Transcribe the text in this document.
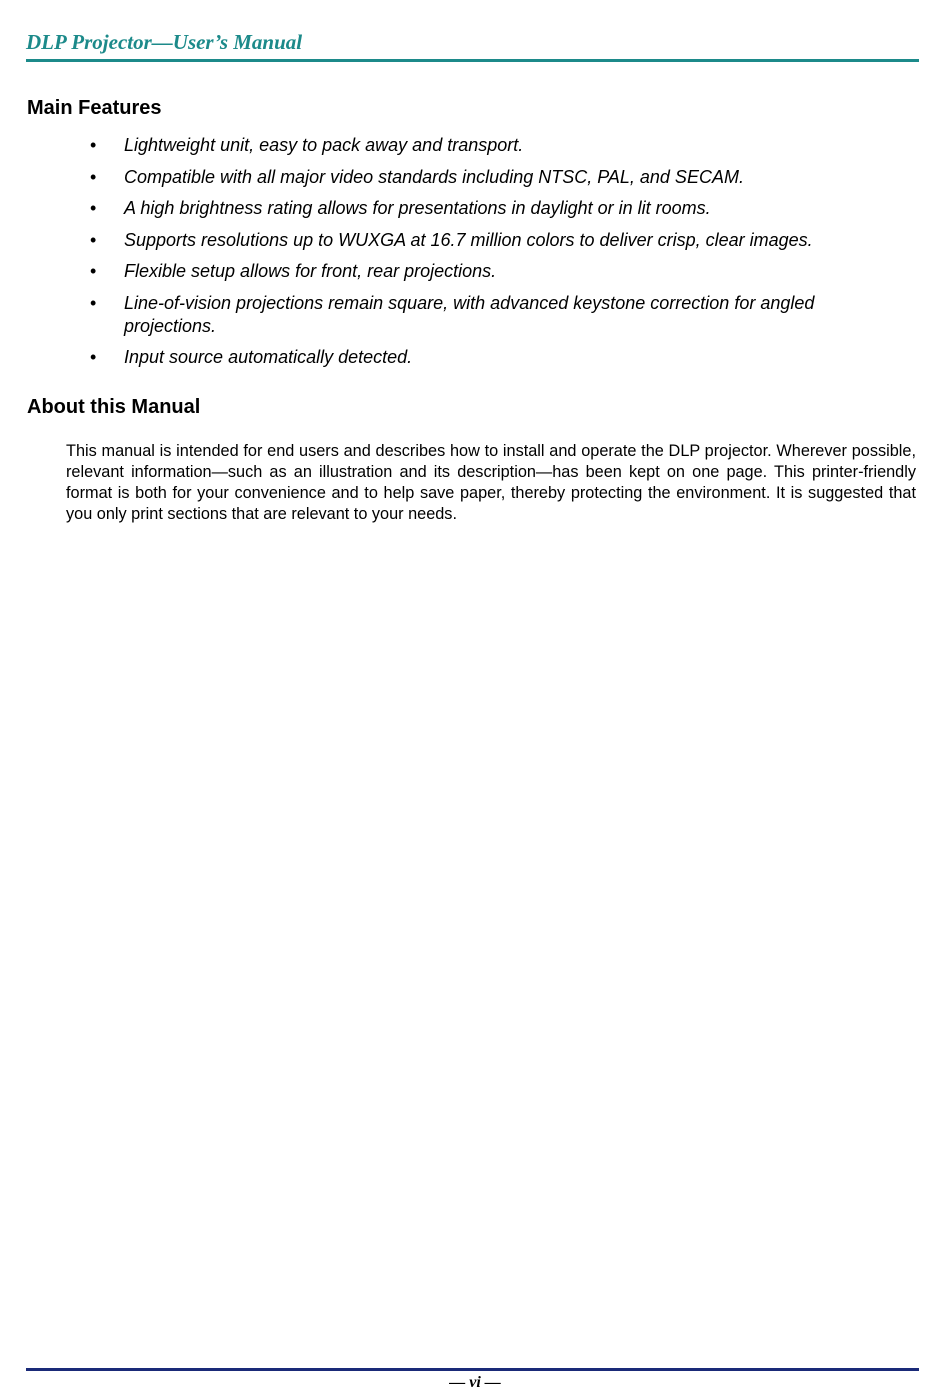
DLP Projector—User’s Manual
Main Features
• Lightweight unit, easy to pack away and transport.
• Compatible with all major video standards including NTSC, PAL, and SECAM.
• A high brightness rating allows for presentations in daylight or in lit rooms.
• Supports resolutions up to WUXGA at 16.7 million colors to deliver crisp, clear images.
• Flexible setup allows for front, rear projections.
• Line-of-vision projections remain square, with advanced keystone correction for angled projections.
• Input source automatically detected.
About this Manual

This manual is intended for end users and describes how to install and operate the DLP projector. Wherever possible, relevant information—such as an illustration and its description—has been kept on one page. This printer-friendly format is both for your convenience and to help save paper, thereby protecting the environment. It is suggested that you only print sections that are relevant to your needs.

— vi —
